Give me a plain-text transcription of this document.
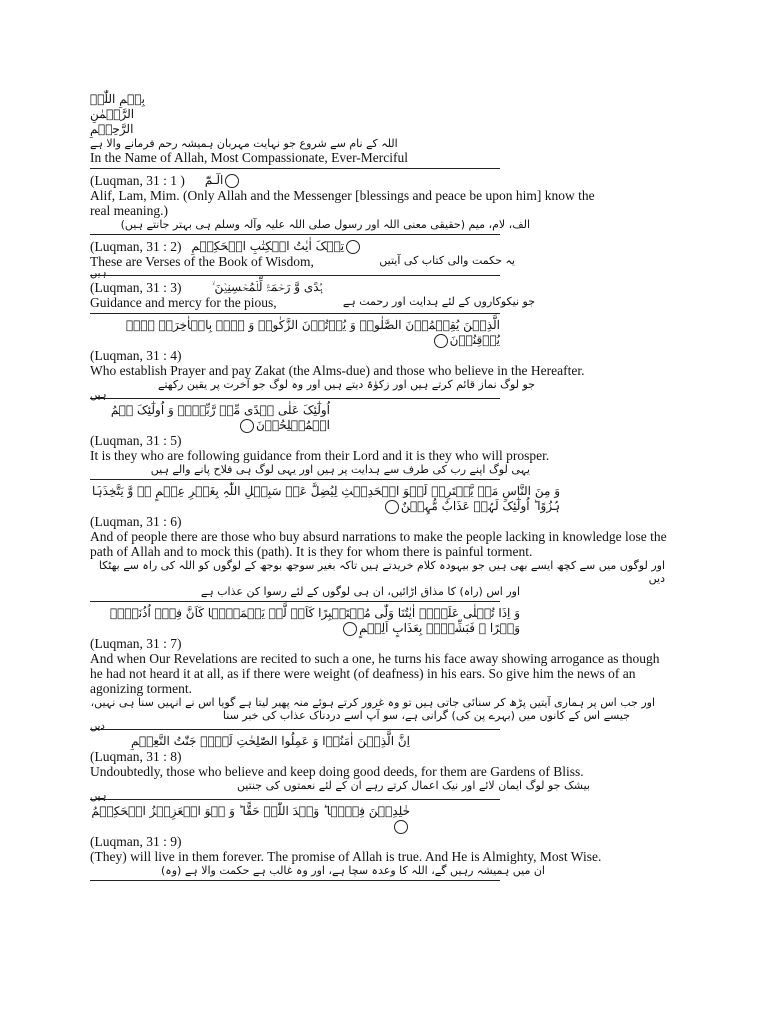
بِسۡمِ اللّٰہِ الرَّحۡمٰنِ الرَّحِیۡمِ
اللہ کے نام سے شروع جو نہایت مہربان ہمیشہ رحم فرمانے والا ہے
In the Name of Allah, Most Compassionate, Ever-Merciful
(Luqman, 31 : 1 ) الٓـمّٓ
Alif, Lam, Mim. (Only Allah and the Messenger [blessings and peace be upon him] know the real meaning.)
الف، لام، میم (حقیقی معنی اللہ اور رسول صلی اللہ علیہ وآلہ وسلم ہی بہتر جانتے ہیں)
(Luqman, 31 : 2) تِلۡکَ اٰیٰتُ الۡکِتٰبِ الۡحَکِیۡمِ
These are Verses of the Book of Wisdom,	یہ حکمت والی کتاب کی آیتیں
ہیں
(Luqman, 31 : 3)	ہُدًی وَّ رَحۡمَۃً لِّلۡمُحۡسِنِیۡنَ ۙ
Guidance and mercy for the pious,	جو نیکوکاروں کے لئے ہدایت اور رحمت ہے
الَّذِیۡنَ یُقِیۡمُوۡنَ الصَّلٰوۃَ وَ یُؤۡتُوۡنَ الزَّکٰوۃَ وَ ہُمۡ بِالۡاٰخِرَۃِ ہُمۡ یُوۡقِنُوۡنَ
(Luqman, 31 : 4)
Who establish Prayer and pay Zakat (the Alms-due) and those who believe in the Hereafter.
جو لوگ نماز قائم کرتے ہیں اور زکوٰۃ دیتے ہیں اور وہ لوگ جو آخرت پر یقین رکھتے
ہیں
اُولٰٓئِکَ عَلٰی ہُدًی مِّنۡ رَّبِّہِمۡ وَ اُولٰٓئِکَ ہُمُ الۡمُفۡلِحُوۡنَ
(Luqman, 31 : 5)
It is they who are following guidance from their Lord and it is they who will prosper.
یہی لوگ اپنے رب کی طرف سے ہدایت پر ہیں اور یہی لوگ ہی فلاح پانے والے ہیں
وَ مِنَ النَّاسِ مَنۡ یَّشۡتَرِیۡ لَہۡوَ الۡحَدِیۡثِ لِیُضِلَّ عَنۡ سَبِیۡلِ اللّٰہِ بِغَیۡرِ عِلۡمٍ ٭ۖ وَّ یَتَّخِذَہَا ہُزُوًا ؕ اُولٰٓئِکَ لَہُمۡ عَذَابٌ مُّہِیۡنٌ
(Luqman, 31 : 6)
And of people there are those who buy absurd narrations to make the people lacking in knowledge lose the path of Allah and to mock this (path). It is they for whom there is painful torment.
اور لوگوں میں سے کچھ ایسے بھی ہیں جو بیہودہ کلام خریدتے ہیں تاکہ بغیر سوجھ بوجھ کے لوگوں کو اللہ کی راہ سے بھٹکا دیں
اور اس (راہ) کا مذاق اڑائیں، ان ہی لوگوں کے لئے رسوا کن عذاب ہے
وَ اِذَا تُتۡلٰی عَلَیۡہِ اٰیٰتُنَا وَلّٰی مُسۡتَکۡبِرًا کَاَنۡ لَّمۡ یَسۡمَعۡہَا کَاَنَّ فِیۡۤ اُذُنَیۡہِ وَقۡرًا ۚ فَبَشِّرۡہُ بِعَذَابٍ اَلِیۡمٍ
(Luqman, 31 : 7)
And when Our Revelations are recited to such a one, he turns his face away showing arrogance as though he had not heard it at all, as if there were weight (of deafness) in his ears. So give him the news of an agonizing torment.
اور جب اس پر ہماری آیتیں پڑھ کر سنائی جاتی ہیں تو وہ غرور کرتے ہوئے منہ پھیر لیتا ہے گویا اس نے انہیں سنا ہی نہیں،
جیسے اس کے کانوں میں (بہرے پن کی) گرانی ہے، سو آپ اسے دردناک عذاب کی خبر سنا
دیں
اِنَّ الَّذِیۡنَ اٰمَنُوۡا وَ عَمِلُوا الصّٰلِحٰتِ لَہُمۡ جَنّٰتُ النَّعِیۡمِ
(Luqman, 31 : 8)
Undoubtedly, those who believe and keep doing good deeds, for them are Gardens of Bliss.
بیشک جو لوگ ایمان لائے اور نیک اعمال کرتے رہے ان کے لئے نعمتوں کی جنتیں
ہیں
خٰلِدِیۡنَ فِیۡہَا ؕ وَعۡدَ اللّٰہِ حَقًّا ؕ وَ ہُوَ الۡعَزِیۡزُ الۡحَکِیۡمُ
(Luqman, 31 : 9)
(They) will live in them forever. The promise of Allah is true. And He is Almighty, Most Wise.
ان میں ہمیشہ رہیں گے، اللہ کا وعدہ سچا ہے، اور وہ غالب ہے حکمت والا ہے (وہ)
